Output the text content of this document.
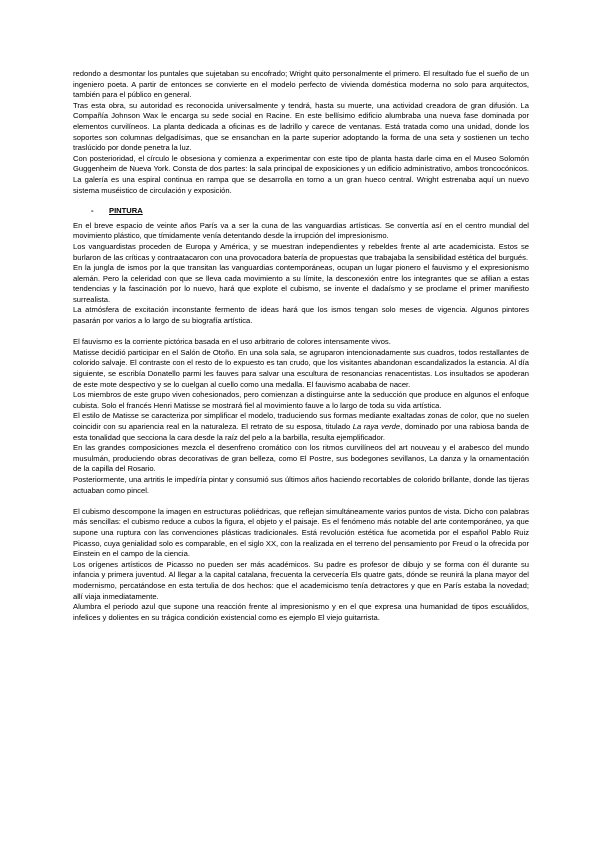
redondo a desmontar los puntales que sujetaban su encofrado; Wright quito personalmente el primero. El resultado fue el sueño de un ingeniero poeta. A partir de entonces se convierte en el modelo perfecto de vivienda doméstica moderna no solo para arquitectos, también para el público en general.

Tras esta obra, su autoridad es reconocida universalmente y tendrá, hasta su muerte, una actividad creadora de gran difusión. La Compañía Johnson Wax le encarga su sede social en Racine. En este bellísimo edificio alumbraba una nueva fase dominada por elementos curvilíneos. La planta dedicada a oficinas es de ladrillo y carece de ventanas. Está tratada como una unidad, donde los soportes son columnas delgadísimas, que se ensanchan en la parte superior adoptando la forma de una seta y sostienen un techo traslúcido por donde penetra la luz.

Con posterioridad, el círculo le obsesiona y comienza a experimentar con este tipo de planta hasta darle cima en el Museo Solomón Guggenheim de Nueva York. Consta de dos partes: la sala principal de exposiciones y un edificio administrativo, ambos troncocónicos. La galería es una espiral continua en rampa que se desarrolla en torno a un gran hueco central. Wright estrenaba aquí un nuevo sistema muséistico de circulación y exposición.

- PINTURA

En el breve espacio de veinte años París va a ser la cuna de las vanguardias artísticas. Se convertía así en el centro mundial del movimiento plástico, que tímidamente venía detentando desde la irrupción del impresionismo.

Los vanguardistas proceden de Europa y América, y se muestran independientes y rebeldes frente al arte academicista. Estos se burlaron de las críticas y contraatacaron con una provocadora batería de propuestas que trabajaba la sensibilidad estética del burgués.

En la jungla de ismos por la que transitan las vanguardias contemporáneas, ocupan un lugar pionero el fauvismo y el expresionismo alemán. Pero la celeridad con que se lleva cada movimiento a su límite, la desconexión entre los integrantes que se afilian a estas tendencias y la fascinación por lo nuevo, hará que explote el cubismo, se invente el dadaísmo y se proclame el primer manifiesto surrealista.

La atmósfera de excitación inconstante fermento de ideas hará que los ismos tengan solo meses de vigencia. Algunos pintores pasarán por varios a lo largo de su biografía artística.

El fauvismo es la corriente pictórica basada en el uso arbitrario de colores intensamente vivos.

Matisse decidió participar en el Salón de Otoño. En una sola sala, se agruparon intencionadamente sus cuadros, todos restallantes de colorido salvaje. El contraste con el resto de lo expuesto es tan crudo, que los visitantes abandonan escandalizados la estancia. Al día siguiente, se escribía Donatello parmi les fauves para salvar una escultura de resonancias renacentistas. Los insultados se apoderan de este mote despectivo y se lo cuelgan al cuello como una medalla. El fauvismo acababa de nacer.

Los miembros de este grupo viven cohesionados, pero comienzan a distinguirse ante la seducción que produce en algunos el enfoque cubista. Solo el francés Henri Matisse se mostrará fiel al movimiento fauve a lo largo de toda su vida artística.

El estilo de Matisse se caracteriza por simplificar el modelo, traduciendo sus formas mediante exaltadas zonas de color, que no suelen coincidir con su apariencia real en la naturaleza. El retrato de su esposa, titulado La raya verde, dominado por una rabiosa banda de esta tonalidad que secciona la cara desde la raíz del pelo a la barbilla, resulta ejemplificador.

En las grandes composiciones mezcla el desenfreno cromático con los ritmos curvilíneos del art nouveau y el arabesco del mundo musulmán, produciendo obras decorativas de gran belleza, como El Postre, sus bodegones sevillanos, La danza y la ornamentación de la capilla del Rosario.

Posteriormente, una artritis le impedíría pintar y consumió sus últimos años haciendo recortables de colorido brillante, donde las tijeras actuaban como pincel.

El cubismo descompone la imagen en estructuras poliédricas, que reflejan simultáneamente varios puntos de vista. Dicho con palabras más sencillas: el cubismo reduce a cubos la figura, el objeto y el paisaje. Es el fenómeno más notable del arte contemporáneo, ya que supone una ruptura con las convenciones plásticas tradicionales. Está revolución estética fue acometida por el español Pablo Ruiz Picasso, cuya genialidad solo es comparable, en el siglo XX, con la realizada en el terreno del pensamiento por Freud o la ofrecida por Einstein en el campo de la ciencia.

Los orígenes artísticos de Picasso no pueden ser más académicos. Su padre es profesor de dibujo y se forma con él durante su infancia y primera juventud. Al llegar a la capital catalana, frecuenta la cervecería Els quatre gats, dónde se reunirá la plana mayor del modernismo, percatándose en esta tertulia de dos hechos: que el academicismo tenía detractores y que en París estaba la novedad; allí viaja inmediatamente.

Alumbra el periodo azul que supone una reacción frente al impresionismo y en el que expresa una humanidad de tipos escuálidos, infelices y dolientes en su trágica condición existencial como es ejemplo El viejo guitarrista.
